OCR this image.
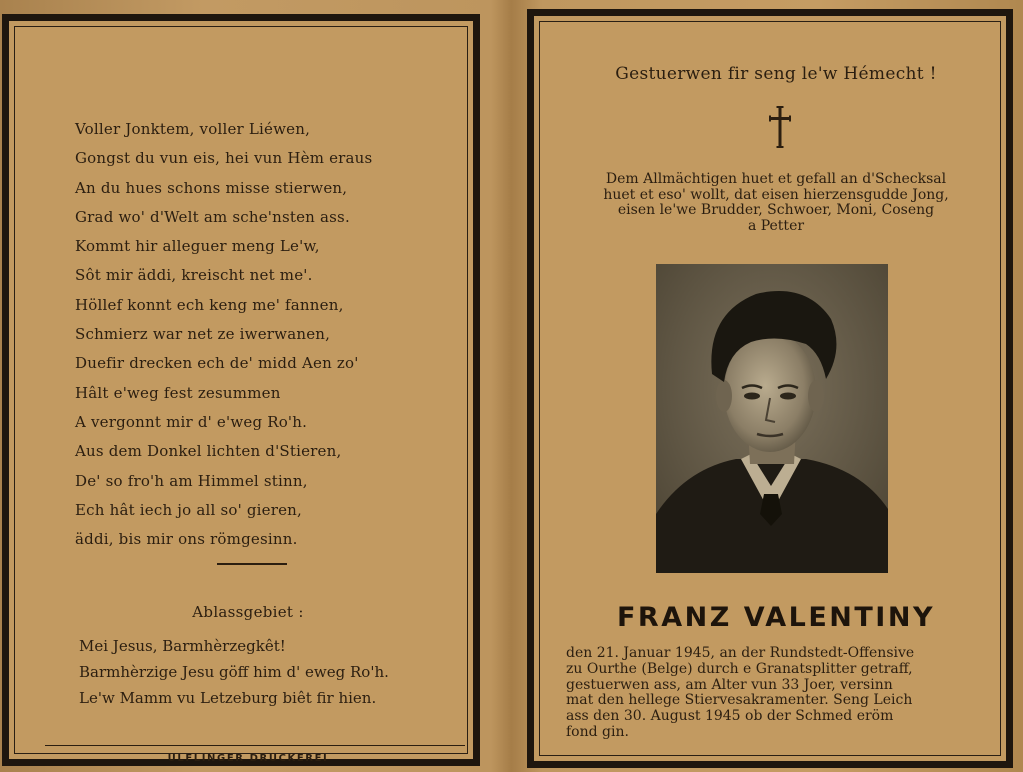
Voller Jonktem, voller Liéwen,
Gongst du vun eis, hei vun Hèm eraus
An du hues schons misse stierwen,
Grad wo' d'Welt am sche'nsten ass.
Kommt hir alleguer meng Le'w,
Sôt mir äddi, kreischt net me'.
Höllef konnt ech keng me' fannen,
Schmierz war net ze iwerwanen,
Duefir drecken ech de' midd Aen zo'
Hâlt e'weg fest zesummen
A vergonnt mir d' e'weg Ro'h.
Aus dem Donkel lichten d'Stieren,
De' so fro'h am Himmel stinn,
Ech hât iech jo all so' gieren,
äddi, bis mir ons römgesinn.
Ablassgebiet :
Mei Jesus, Barmhèrzegkêt!
Barmhèrzige Jesu göff him d' eweg Ro'h.
Le'w Mamm vu Letzeburg biêt fir hien.
ULFLINGER DRUCKEREI
Gestuerwen fir seng le'w Hémecht !
Dem Allmächtigen huet et gefall an d'Schecksal
huet et eso' wollt, dat eisen hierzensgudde Jong,
eisen le'we Brudder, Schwoer, Moni, Coseng
a Petter
FRANZ VALENTINY
den 21. Januar 1945, an der Rundstedt-Offensive
zu Ourthe (Belge) durch e Granatsplitter getraff,
gestuerwen ass, am Alter vun 33 Joer, versinn
mat den hellege Stiervesakramenter. Seng Leich
ass den 30. August 1945 ob der Schmed eröm
fond gin.
